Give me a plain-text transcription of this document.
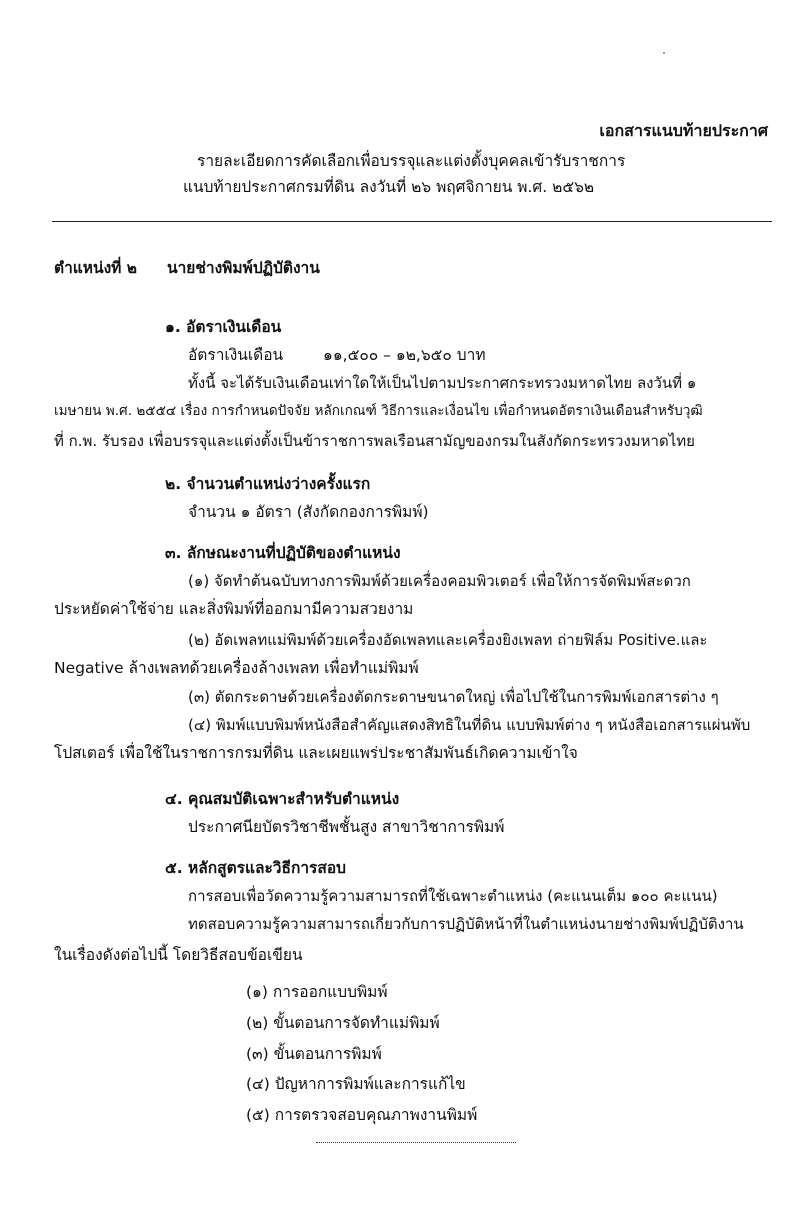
เอกสารแนบท้ายประกาศ
รายละเอียดการคัดเลือกเพื่อบรรจุและแต่งตั้งบุคคลเข้ารับราชการ
แนบท้ายประกาศกรมที่ดิน ลงวันที่ ๒๖ พฤศจิกายน พ.ศ. ๒๕๖๒
ตำแหน่งที่ ๒ นายช่างพิมพ์ปฏิบัติงาน
๑. อัตราเงินเดือน
อัตราเงินเดือน	๑๑,๕๐๐ – ๑๒,๖๕๐ บาท
ทั้งนี้ จะได้รับเงินเดือนเท่าใดให้เป็นไปตามประกาศกระทรวงมหาดไทย ลงวันที่ ๑
เมษายน พ.ศ. ๒๕๕๔ เรื่อง การกำหนดปัจจัย หลักเกณฑ์ วิธีการและเงื่อนไข เพื่อกำหนดอัตราเงินเดือนสำหรับวุฒิ
ที่ ก.พ. รับรอง เพื่อบรรจุและแต่งตั้งเป็นข้าราชการพลเรือนสามัญของกรมในสังกัดกระทรวงมหาดไทย
๒. จำนวนตำแหน่งว่างครั้งแรก
จำนวน ๑ อัตรา (สังกัดกองการพิมพ์)
๓. ลักษณะงานที่ปฏิบัติของตำแหน่ง
(๑) จัดทำต้นฉบับทางการพิมพ์ด้วยเครื่องคอมพิวเตอร์ เพื่อให้การจัดพิมพ์สะดวก
ประหยัดค่าใช้จ่าย และสิ่งพิมพ์ที่ออกมามีความสวยงาม
(๒) อัดเพลทแม่พิมพ์ด้วยเครื่องอัดเพลทและเครื่องยิงเพลท ถ่ายฟิล์ม Positive.และ
Negative ล้างเพลทด้วยเครื่องล้างเพลท เพื่อทำแม่พิมพ์
(๓) ตัดกระดาษด้วยเครื่องตัดกระดาษขนาดใหญ่ เพื่อไปใช้ในการพิมพ์เอกสารต่าง ๆ
(๔) พิมพ์แบบพิมพ์หนังสือสำคัญแสดงสิทธิในที่ดิน แบบพิมพ์ต่าง ๆ หนังสือเอกสารแผ่นพับ
โปสเตอร์ เพื่อใช้ในราชการกรมที่ดิน และเผยแพร่ประชาสัมพันธ์เกิดความเข้าใจ
๔. คุณสมบัติเฉพาะสำหรับตำแหน่ง
ประกาศนียบัตรวิชาชีพชั้นสูง สาขาวิชาการพิมพ์
๕. หลักสูตรและวิธีการสอบ
การสอบเพื่อวัดความรู้ความสามารถที่ใช้เฉพาะตำแหน่ง (คะแนนเต็ม ๑๐๐ คะแนน)
ทดสอบความรู้ความสามารถเกี่ยวกับการปฏิบัติหน้าที่ในตำแหน่งนายช่างพิมพ์ปฏิบัติงาน
ในเรื่องดังต่อไปนี้ โดยวิธีสอบข้อเขียน
(๑) การออกแบบพิมพ์
(๒) ขั้นตอนการจัดทำแม่พิมพ์
(๓) ขั้นตอนการพิมพ์
(๔) ปัญหาการพิมพ์และการแก้ไข
(๕) การตรวจสอบคุณภาพงานพิมพ์
